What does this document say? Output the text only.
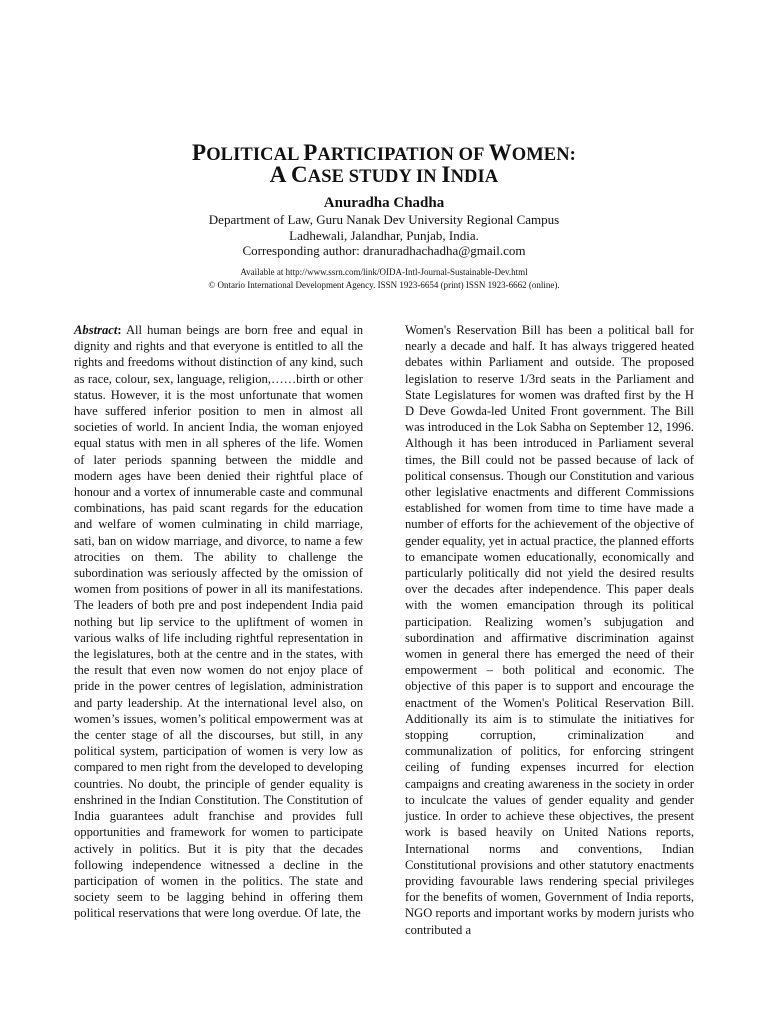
POLITICAL PARTICIPATION OF WOMEN:
A CASE STUDY IN INDIA
Anuradha Chadha
Department of Law, Guru Nanak Dev University Regional Campus
Ladhewali, Jalandhar, Punjab, India.
Corresponding author: dranuradhachadha@gmail.com
Available at http://www.ssrn.com/link/OIDA-Intl-Journal-Sustainable-Dev.html
© Ontario International Development Agency. ISSN 1923-6654 (print) ISSN 1923-6662 (online).
Abstract: All human beings are born free and equal in dignity and rights and that everyone is entitled to all the rights and freedoms without distinction of any kind, such as race, colour, sex, language, religion,……birth or other status. However, it is the most unfortunate that women have suffered inferior position to men in almost all societies of world. In ancient India, the woman enjoyed equal status with men in all spheres of the life. Women of later periods spanning between the middle and modern ages have been denied their rightful place of honour and a vortex of innumerable caste and communal combinations, has paid scant regards for the education and welfare of women culminating in child marriage, sati, ban on widow marriage, and divorce, to name a few atrocities on them. The ability to challenge the subordination was seriously affected by the omission of women from positions of power in all its manifestations. The leaders of both pre and post independent India paid nothing but lip service to the upliftment of women in various walks of life including rightful representation in the legislatures, both at the centre and in the states, with the result that even now women do not enjoy place of pride in the power centres of legislation, administration and party leadership. At the international level also, on women’s issues, women’s political empowerment was at the center stage of all the discourses, but still, in any political system, participation of women is very low as compared to men right from the developed to developing countries. No doubt, the principle of gender equality is enshrined in the Indian Constitution. The Constitution of India guarantees adult franchise and provides full opportunities and framework for women to participate actively in politics. But it is pity that the decades following independence witnessed a decline in the participation of women in the politics. The state and society seem to be lagging behind in offering them political reservations that were long overdue. Of late, the
Women's Reservation Bill has been a political ball for nearly a decade and half. It has always triggered heated debates within Parliament and outside. The proposed legislation to reserve 1/3rd seats in the Parliament and State Legislatures for women was drafted first by the H D Deve Gowda-led United Front government. The Bill was introduced in the Lok Sabha on September 12, 1996. Although it has been introduced in Parliament several times, the Bill could not be passed because of lack of political consensus. Though our Constitution and various other legislative enactments and different Commissions established for women from time to time have made a number of efforts for the achievement of the objective of gender equality, yet in actual practice, the planned efforts to emancipate women educationally, economically and particularly politically did not yield the desired results over the decades after independence. This paper deals with the women emancipation through its political participation. Realizing women’s subjugation and subordination and affirmative discrimination against women in general there has emerged the need of their empowerment – both political and economic. The objective of this paper is to support and encourage the enactment of the Women's Political Reservation Bill. Additionally its aim is to stimulate the initiatives for stopping corruption, criminalization and communalization of politics, for enforcing stringent ceiling of funding expenses incurred for election campaigns and creating awareness in the society in order to inculcate the values of gender equality and gender justice. In order to achieve these objectives, the present work is based heavily on United Nations reports, International norms and conventions, Indian Constitutional provisions and other statutory enactments providing favourable laws rendering special privileges for the benefits of women, Government of India reports, NGO reports and important works by modern jurists who contributed a
